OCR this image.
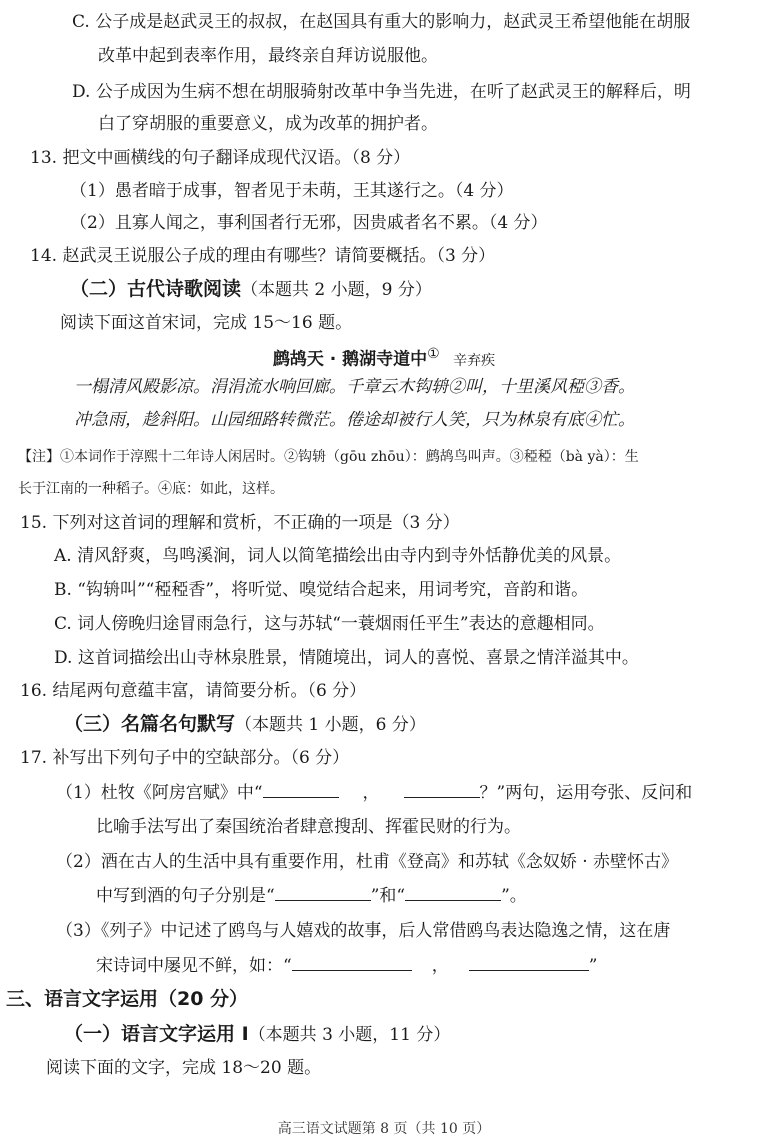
C. 公子成是赵武灵王的叔叔，在赵国具有重大的影响力，赵武灵王希望他能在胡服
改革中起到表率作用，最终亲自拜访说服他。
D. 公子成因为生病不想在胡服骑射改革中争当先进，在听了赵武灵王的解释后，明
白了穿胡服的重要意义，成为改革的拥护者。
13. 把文中画横线的句子翻译成现代汉语。（8 分）
（1）愚者暗于成事，智者见于未萌，王其遂行之。（4 分）
（2）且寡人闻之，事利国者行无邪，因贵戚者名不累。（4 分）
14. 赵武灵王说服公子成的理由有哪些？请简要概括。（3 分）
（二）古代诗歌阅读（本题共 2 小题，9 分）
阅读下面这首宋词，完成 15～16 题。
鹧鸪天 · 鹅湖寺道中① 辛弃疾
一榻清风殿影凉。涓涓流水响回廊。千章云木钩辀②叫，十里溪风稏③香。
冲急雨，趁斜阳。山园细路转微茫。倦途却被行人笑，只为林泉有底④忙。
【注】①本词作于淳熙十二年诗人闲居时。②钩辀（gōu zhōu）：鹧鸪鸟叫声。③稏稏（bà yà）：生
长于江南的一种稻子。④底：如此，这样。
15. 下列对这首词的理解和赏析，不正确的一项是（3 分）
A. 清风舒爽，鸟鸣溪涧，词人以简笔描绘出由寺内到寺外恬静优美的风景。
B. “钩辀叫”“稏稏香”，将听觉、嗅觉结合起来，用词考究，音韵和谐。
C. 词人傍晚归途冒雨急行，这与苏轼“一蓑烟雨任平生”表达的意趣相同。
D. 这首词描绘出山寺林泉胜景，情随境出，词人的喜悦、喜景之情洋溢其中。
16. 结尾两句意蕴丰富，请简要分析。（6 分）
（三）名篇名句默写（本题共 1 小题，6 分）
17. 补写出下列句子中的空缺部分。（6 分）
（1）杜牧《阿房宫赋》中“	，	？”两句，运用夸张、反问和
比喻手法写出了秦国统治者肆意搜刮、挥霍民财的行为。
（2）酒在古人的生活中具有重要作用，杜甫《登高》和苏轼《念奴娇 · 赤壁怀古》
中写到酒的句子分别是“	”和“	”。
（3）《列子》中记述了鸥鸟与人嬉戏的故事，后人常借鸥鸟表达隐逸之情，这在唐
宋诗词中屡见不鲜，如：“	，	”
三、语言文字运用（20 分）
（一）语言文字运用 Ⅰ（本题共 3 小题，11 分）
阅读下面的文字，完成 18～20 题。
高三语文试题第 8 页（共 10 页）
